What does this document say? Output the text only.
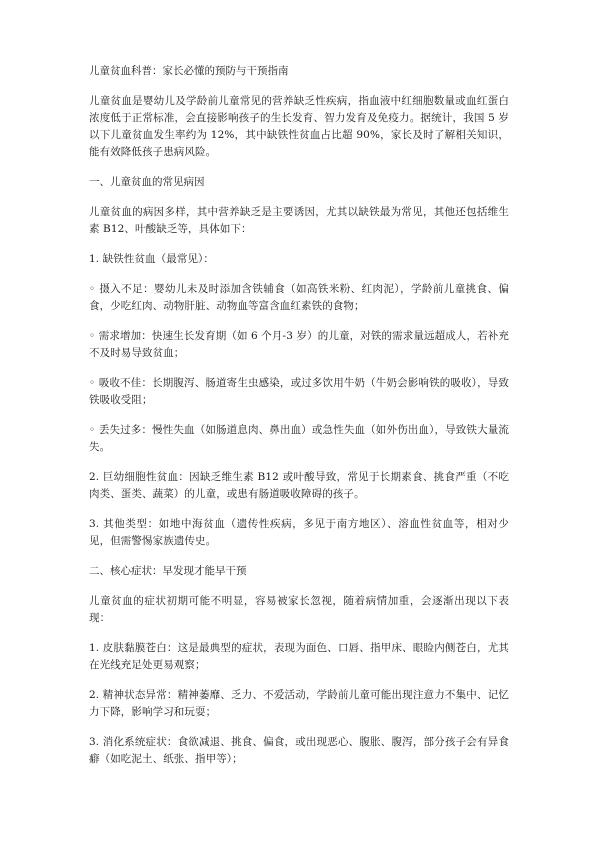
儿童贫血科普：家长必懂的预防与干预指南

儿童贫血是婴幼儿及学龄前儿童常见的营养缺乏性疾病，指血液中红细胞数量或血红蛋白浓度低于正常标准，会直接影响孩子的生长发育、智力发育及免疫力。据统计，我国 5 岁以下儿童贫血发生率约为 12%，其中缺铁性贫血占比超 90%，家长及时了解相关知识，能有效降低孩子患病风险。

一、儿童贫血的常见病因

儿童贫血的病因多样，其中营养缺乏是主要诱因，尤其以缺铁最为常见，其他还包括维生素 B12、叶酸缺乏等，具体如下：

1. 缺铁性贫血（最常见）：

◦ 摄入不足：婴幼儿未及时添加含铁辅食（如高铁米粉、红肉泥），学龄前儿童挑食、偏食，少吃红肉、动物肝脏、动物血等富含血红素铁的食物；

◦ 需求增加：快速生长发育期（如 6 个月-3 岁）的儿童，对铁的需求量远超成人，若补充不及时易导致贫血；

◦ 吸收不佳：长期腹泻、肠道寄生虫感染，或过多饮用牛奶（牛奶会影响铁的吸收），导致铁吸收受阻；

◦ 丢失过多：慢性失血（如肠道息肉、鼻出血）或急性失血（如外伤出血），导致铁大量流失。

2. 巨幼细胞性贫血：因缺乏维生素 B12 或叶酸导致，常见于长期素食、挑食严重（不吃肉类、蛋类、蔬菜）的儿童，或患有肠道吸收障碍的孩子。

3. 其他类型：如地中海贫血（遗传性疾病，多见于南方地区）、溶血性贫血等，相对少见，但需警惕家族遗传史。

二、核心症状：早发现才能早干预

儿童贫血的症状初期可能不明显，容易被家长忽视，随着病情加重，会逐渐出现以下表现：

1. 皮肤黏膜苍白：这是最典型的症状，表现为面色、口唇、指甲床、眼睑内侧苍白，尤其在光线充足处更易观察；

2. 精神状态异常：精神萎靡、乏力、不爱活动，学龄前儿童可能出现注意力不集中、记忆力下降，影响学习和玩耍；

3. 消化系统症状：食欲减退、挑食、偏食，或出现恶心、腹胀、腹泻，部分孩子会有异食癖（如吃泥土、纸张、指甲等）；
